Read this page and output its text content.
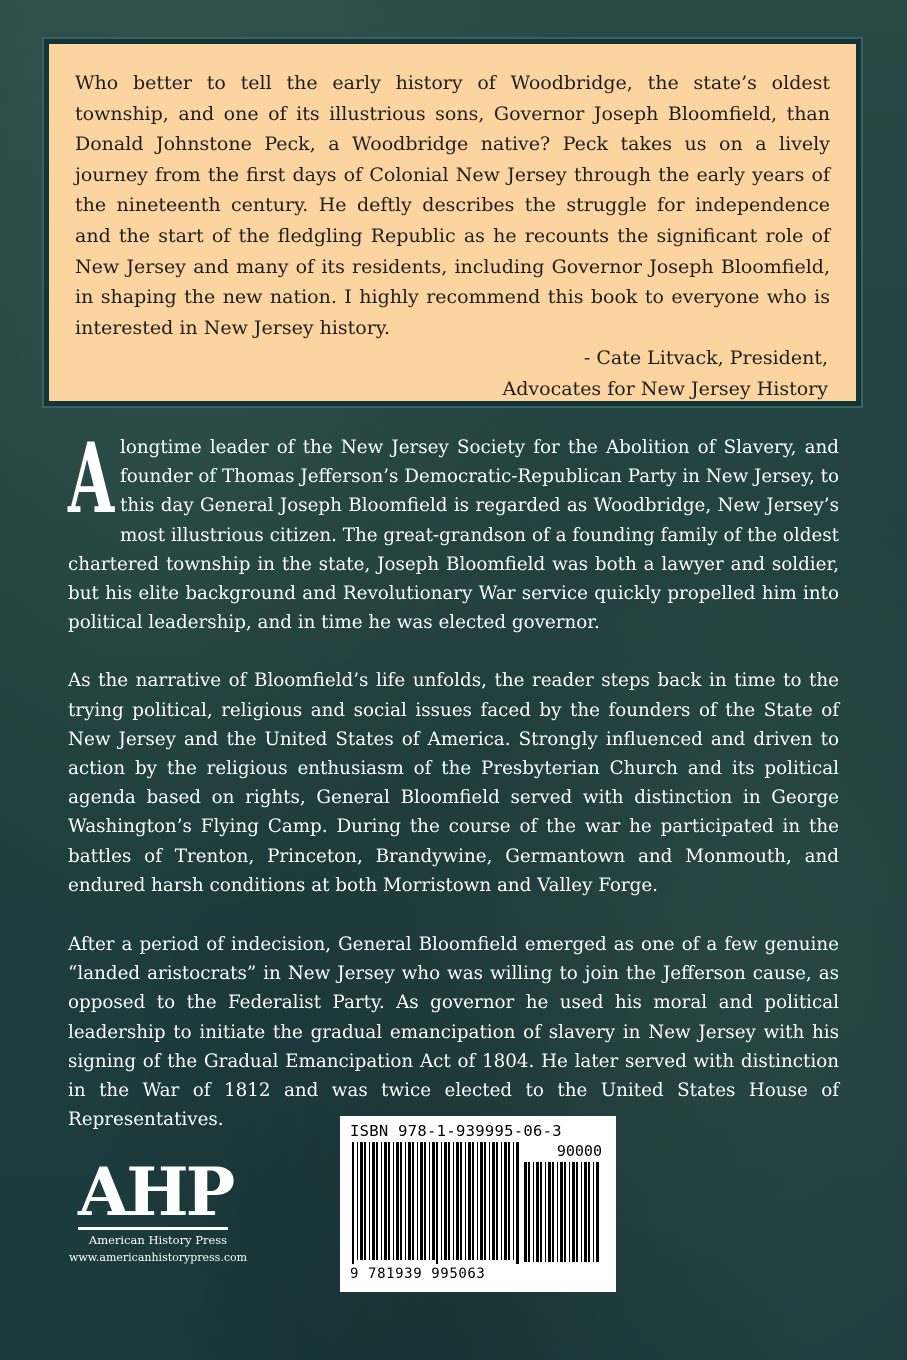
Who better to tell the early history of Woodbridge, the state’s oldest township, and one of its illustrious sons, Governor Joseph Bloomfield, than Donald Johnstone Peck, a Woodbridge native? Peck takes us on a lively journey from the first days of Colonial New Jersey through the early years of the nineteenth century. He deftly describes the struggle for independence and the start of the fledgling Republic as he recounts the significant role of New Jersey and many of its residents, including Governor Joseph Bloomfield, in shaping the new nation. I highly recommend this book to everyone who is interested in New Jersey history.

- Cate Litvack, President,

Advocates for New Jersey History

Alongtime leader of the New Jersey Society for the Abolition of Slavery, and founder of Thomas Jefferson’s Democratic-Republican Party in New Jersey, to this day General Joseph Bloomfield is regarded as Woodbridge, New Jersey’s most illustrious citizen. The great-grandson of a founding family of the oldest chartered township in the state, Joseph Bloomfield was both a lawyer and soldier, but his elite background and Revolutionary War service quickly propelled him into political leadership, and in time he was elected governor.

As the narrative of Bloomfield’s life unfolds, the reader steps back in time to the trying political, religious and social issues faced by the founders of the State of New Jersey and the United States of America. Strongly influenced and driven to action by the religious enthusiasm of the Presbyterian Church and its political agenda based on rights, General Bloomfield served with distinction in George Washington’s Flying Camp. During the course of the war he participated in the battles of Trenton, Princeton, Brandywine, Germantown and Monmouth, and endured harsh conditions at both Morristown and Valley Forge.

After a period of indecision, General Bloomfield emerged as one of a few genuine “landed aristocrats” in New Jersey who was willing to join the Jefferson cause, as opposed to the Federalist Party. As governor he used his moral and political leadership to initiate the gradual emancipation of slavery in New Jersey with his signing of the Gradual Emancipation Act of 1804. He later served with distinction in the War of 1812 and was twice elected to the United States House of Representatives.

AHP
American History Press
www.americanhistorypress.com

ISBN 978-1-939995-06-3

90000

9 781939 995063
